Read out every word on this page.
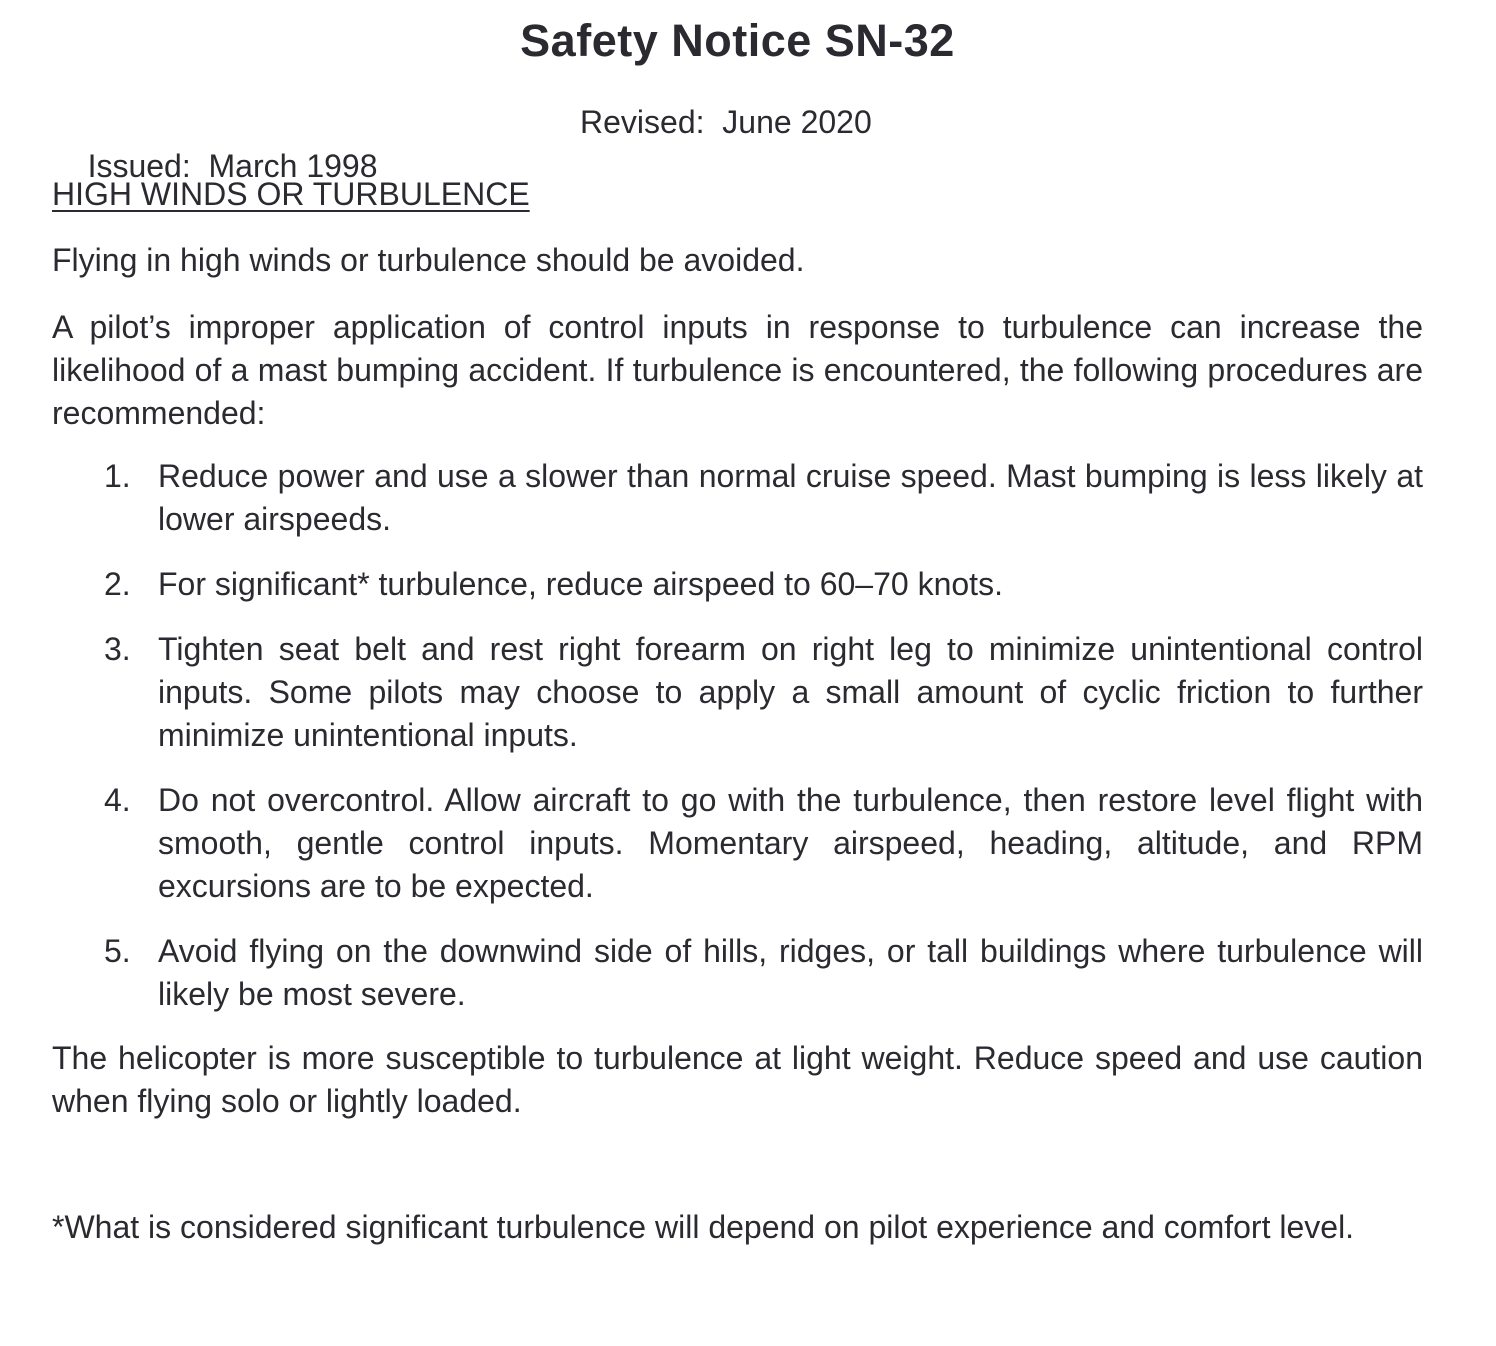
Safety Notice SN-32

Issued:  March 1998

Revised:  June 2020

HIGH WINDS OR TURBULENCE

Flying in high winds or turbulence should be avoided.

A pilot’s improper application of control inputs in response to turbulence can increase the likelihood of a mast bumping accident. If turbulence is encountered, the following procedures are recommended:

1. Reduce power and use a slower than normal cruise speed. Mast bumping is less likely at lower airspeeds.
2. For significant* turbulence, reduce airspeed to 60–70 knots.
3. Tighten seat belt and rest right forearm on right leg to minimize unintentional control inputs. Some pilots may choose to apply a small amount of cyclic friction to further minimize unintentional inputs.
4. Do not overcontrol. Allow aircraft to go with the turbulence, then restore level flight with smooth, gentle control inputs. Momentary airspeed, heading, altitude, and RPM excursions are to be expected.
5. Avoid flying on the downwind side of hills, ridges, or tall buildings where turbulence will likely be most severe.

The helicopter is more susceptible to turbulence at light weight. Reduce speed and use caution when flying solo or lightly loaded.

*What is considered significant turbulence will depend on pilot experience and comfort level.
